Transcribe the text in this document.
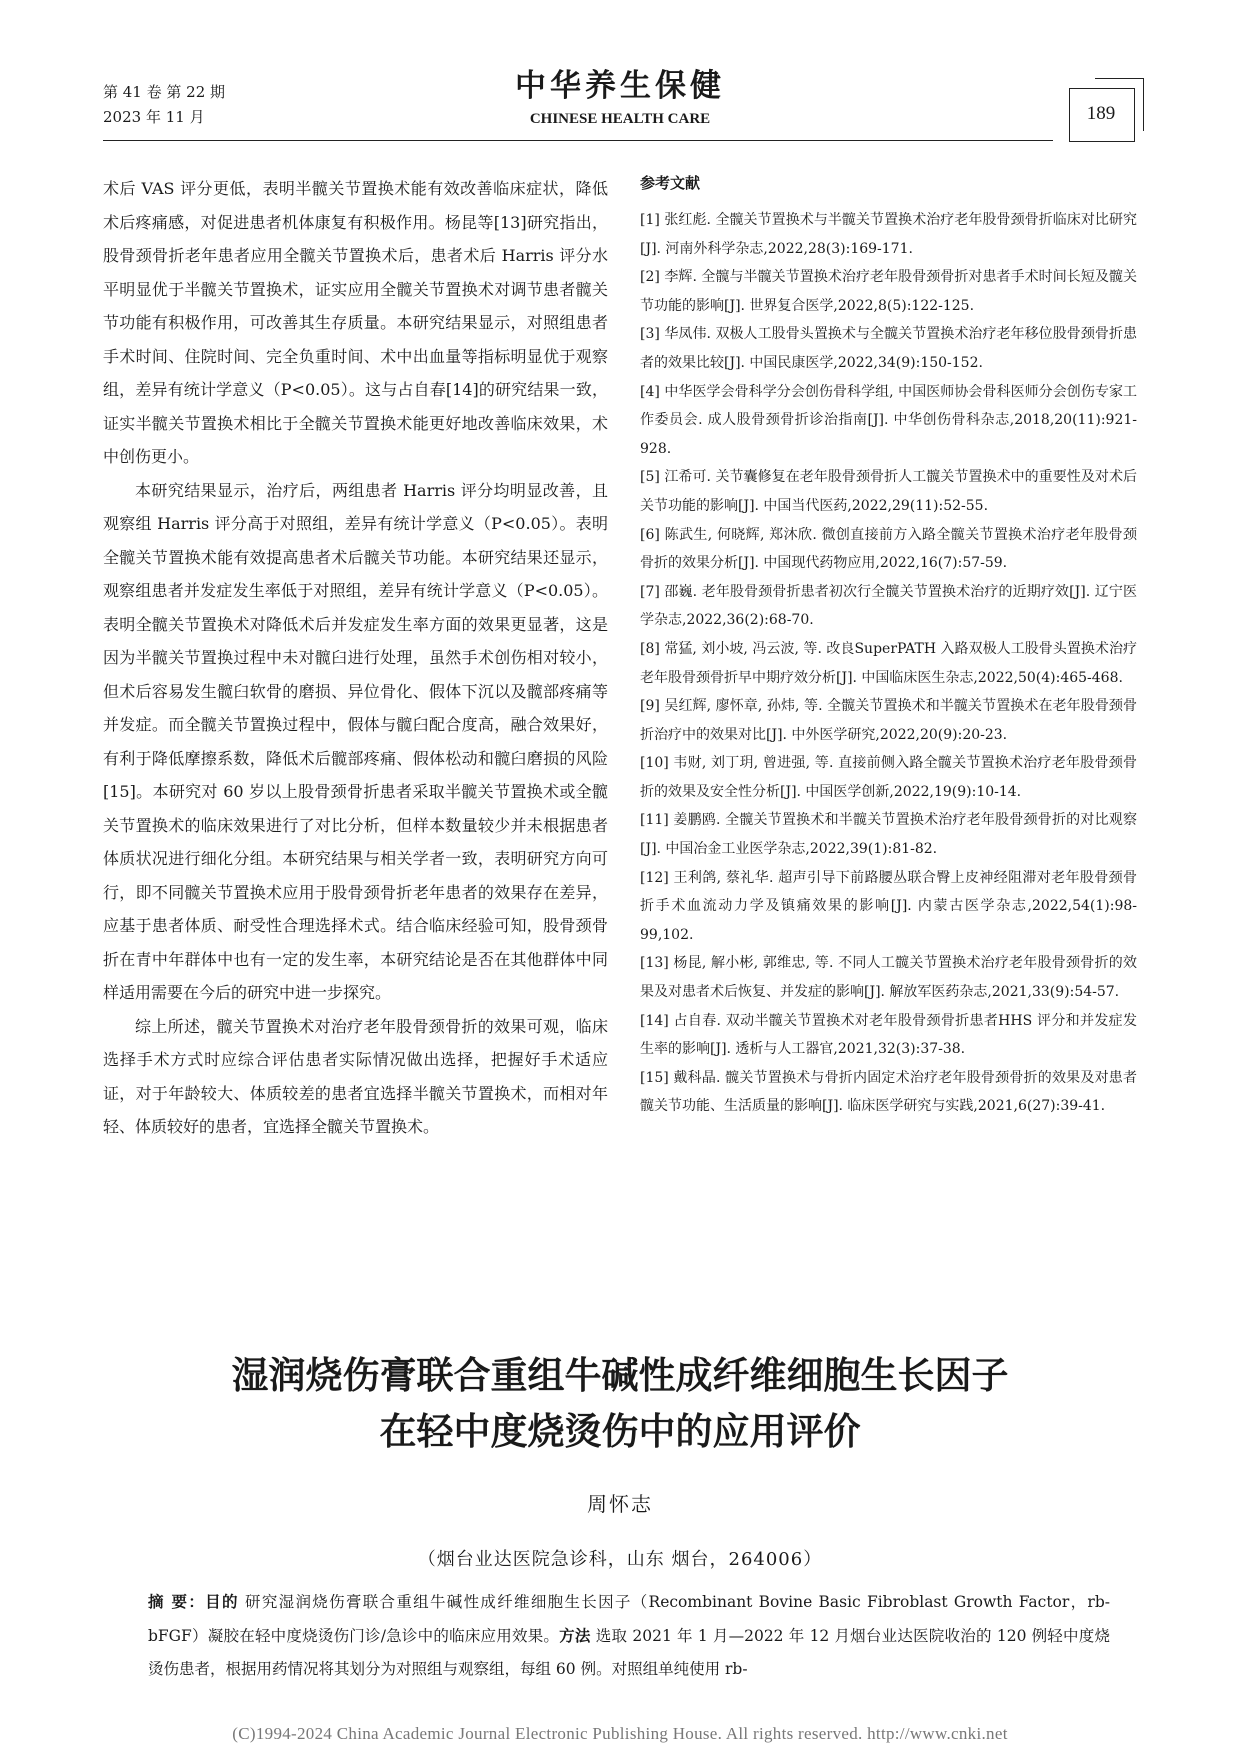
第 41 卷 第 22 期
2023 年 11 月
中华养生保健
CHINESE HEALTH CARE	189

术后 VAS 评分更低，表明半髋关节置换术能有效改善临床症状，降低术后疼痛感，对促进患者机体康复有积极作用。杨昆等[13]研究指出，股骨颈骨折老年患者应用全髋关节置换术后，患者术后 Harris 评分水平明显优于半髋关节置换术，证实应用全髋关节置换术对调节患者髋关节功能有积极作用，可改善其生存质量。本研究结果显示，对照组患者手术时间、住院时间、完全负重时间、术中出血量等指标明显优于观察组，差异有统计学意义（P<0.05）。这与占自春[14]的研究结果一致，证实半髋关节置换术相比于全髋关节置换术能更好地改善临床效果，术中创伤更小。

本研究结果显示，治疗后，两组患者 Harris 评分均明显改善，且观察组 Harris 评分高于对照组，差异有统计学意义（P<0.05）。表明全髋关节置换术能有效提高患者术后髋关节功能。本研究结果还显示，观察组患者并发症发生率低于对照组，差异有统计学意义（P<0.05）。表明全髋关节置换术对降低术后并发症发生率方面的效果更显著，这是因为半髋关节置换过程中未对髋臼进行处理，虽然手术创伤相对较小，但术后容易发生髋臼软骨的磨损、异位骨化、假体下沉以及髋部疼痛等并发症。而全髋关节置换过程中，假体与髋臼配合度高，融合效果好，有利于降低摩擦系数，降低术后髋部疼痛、假体松动和髋臼磨损的风险[15]。本研究对 60 岁以上股骨颈骨折患者采取半髋关节置换术或全髋关节置换术的临床效果进行了对比分析，但样本数量较少并未根据患者体质状况进行细化分组。本研究结果与相关学者一致，表明研究方向可行，即不同髋关节置换术应用于股骨颈骨折老年患者的效果存在差异，应基于患者体质、耐受性合理选择术式。结合临床经验可知，股骨颈骨折在青中年群体中也有一定的发生率，本研究结论是否在其他群体中同样适用需要在今后的研究中进一步探究。

综上所述，髋关节置换术对治疗老年股骨颈骨折的效果可观，临床选择手术方式时应综合评估患者实际情况做出选择，把握好手术适应证，对于年龄较大、体质较差的患者宜选择半髋关节置换术，而相对年轻、体质较好的患者，宜选择全髋关节置换术。

参考文献
[1] 张红彪. 全髋关节置换术与半髋关节置换术治疗老年股骨颈骨折临床对比研究[J]. 河南外科学杂志,2022,28(3):169-171.
[2] 李辉. 全髋与半髋关节置换术治疗老年股骨颈骨折对患者手术时间长短及髋关节功能的影响[J]. 世界复合医学,2022,8(5):122-125.
[3] 华凤伟. 双极人工股骨头置换术与全髋关节置换术治疗老年移位股骨颈骨折患者的效果比较[J]. 中国民康医学,2022,34(9):150-152.
[4] 中华医学会骨科学分会创伤骨科学组, 中国医师协会骨科医师分会创伤专家工作委员会. 成人股骨颈骨折诊治指南[J]. 中华创伤骨科杂志,2018,20(11):921-928.
[5] 江希可. 关节囊修复在老年股骨颈骨折人工髋关节置换术中的重要性及对术后关节功能的影响[J]. 中国当代医药,2022,29(11):52-55.
[6] 陈武生, 何晓辉, 郑沐欣. 微创直接前方入路全髋关节置换术治疗老年股骨颈骨折的效果分析[J]. 中国现代药物应用,2022,16(7):57-59.
[7] 邵巍. 老年股骨颈骨折患者初次行全髋关节置换术治疗的近期疗效[J]. 辽宁医学杂志,2022,36(2):68-70.
[8] 常猛, 刘小坡, 冯云波, 等. 改良SuperPATH 入路双极人工股骨头置换术治疗老年股骨颈骨折早中期疗效分析[J]. 中国临床医生杂志,2022,50(4):465-468.
[9] 吴红辉, 廖怀章, 孙炜, 等. 全髋关节置换术和半髋关节置换术在老年股骨颈骨折治疗中的效果对比[J]. 中外医学研究,2022,20(9):20-23.
[10] 韦财, 刘丁玥, 曾进强, 等. 直接前侧入路全髋关节置换术治疗老年股骨颈骨折的效果及安全性分析[J]. 中国医学创新,2022,19(9):10-14.
[11] 姜鹏鸥. 全髋关节置换术和半髋关节置换术治疗老年股骨颈骨折的对比观察[J]. 中国冶金工业医学杂志,2022,39(1):81-82.
[12] 王利鸽, 蔡礼华. 超声引导下前路腰丛联合臀上皮神经阻滞对老年股骨颈骨折手术血流动力学及镇痛效果的影响[J]. 内蒙古医学杂志,2022,54(1):98-99,102.
[13] 杨昆, 解小彬, 郭维忠, 等. 不同人工髋关节置换术治疗老年股骨颈骨折的效果及对患者术后恢复、并发症的影响[J]. 解放军医药杂志,2021,33(9):54-57.
[14] 占自春. 双动半髋关节置换术对老年股骨颈骨折患者HHS 评分和并发症发生率的影响[J]. 透析与人工器官,2021,32(3):37-38.
[15] 戴科晶. 髋关节置换术与骨折内固定术治疗老年股骨颈骨折的效果及对患者髋关节功能、生活质量的影响[J]. 临床医学研究与实践,2021,6(27):39-41.
湿润烧伤膏联合重组牛碱性成纤维细胞生长因子
在轻中度烧烫伤中的应用评价
周怀志
（烟台业达医院急诊科，山东 烟台，264006）
摘 要：目的 研究湿润烧伤膏联合重组牛碱性成纤维细胞生长因子（Recombinant Bovine Basic Fibroblast Growth Factor，rb-bFGF）凝胶在轻中度烧烫伤门诊/急诊中的临床应用效果。方法 选取 2021 年 1 月—2022 年 12 月烟台业达医院收治的 120 例轻中度烧烫伤患者，根据用药情况将其划分为对照组与观察组，每组 60 例。对照组单纯使用 rb-
(C)1994-2024 China Academic Journal Electronic Publishing House. All rights reserved. http://www.cnki.net
